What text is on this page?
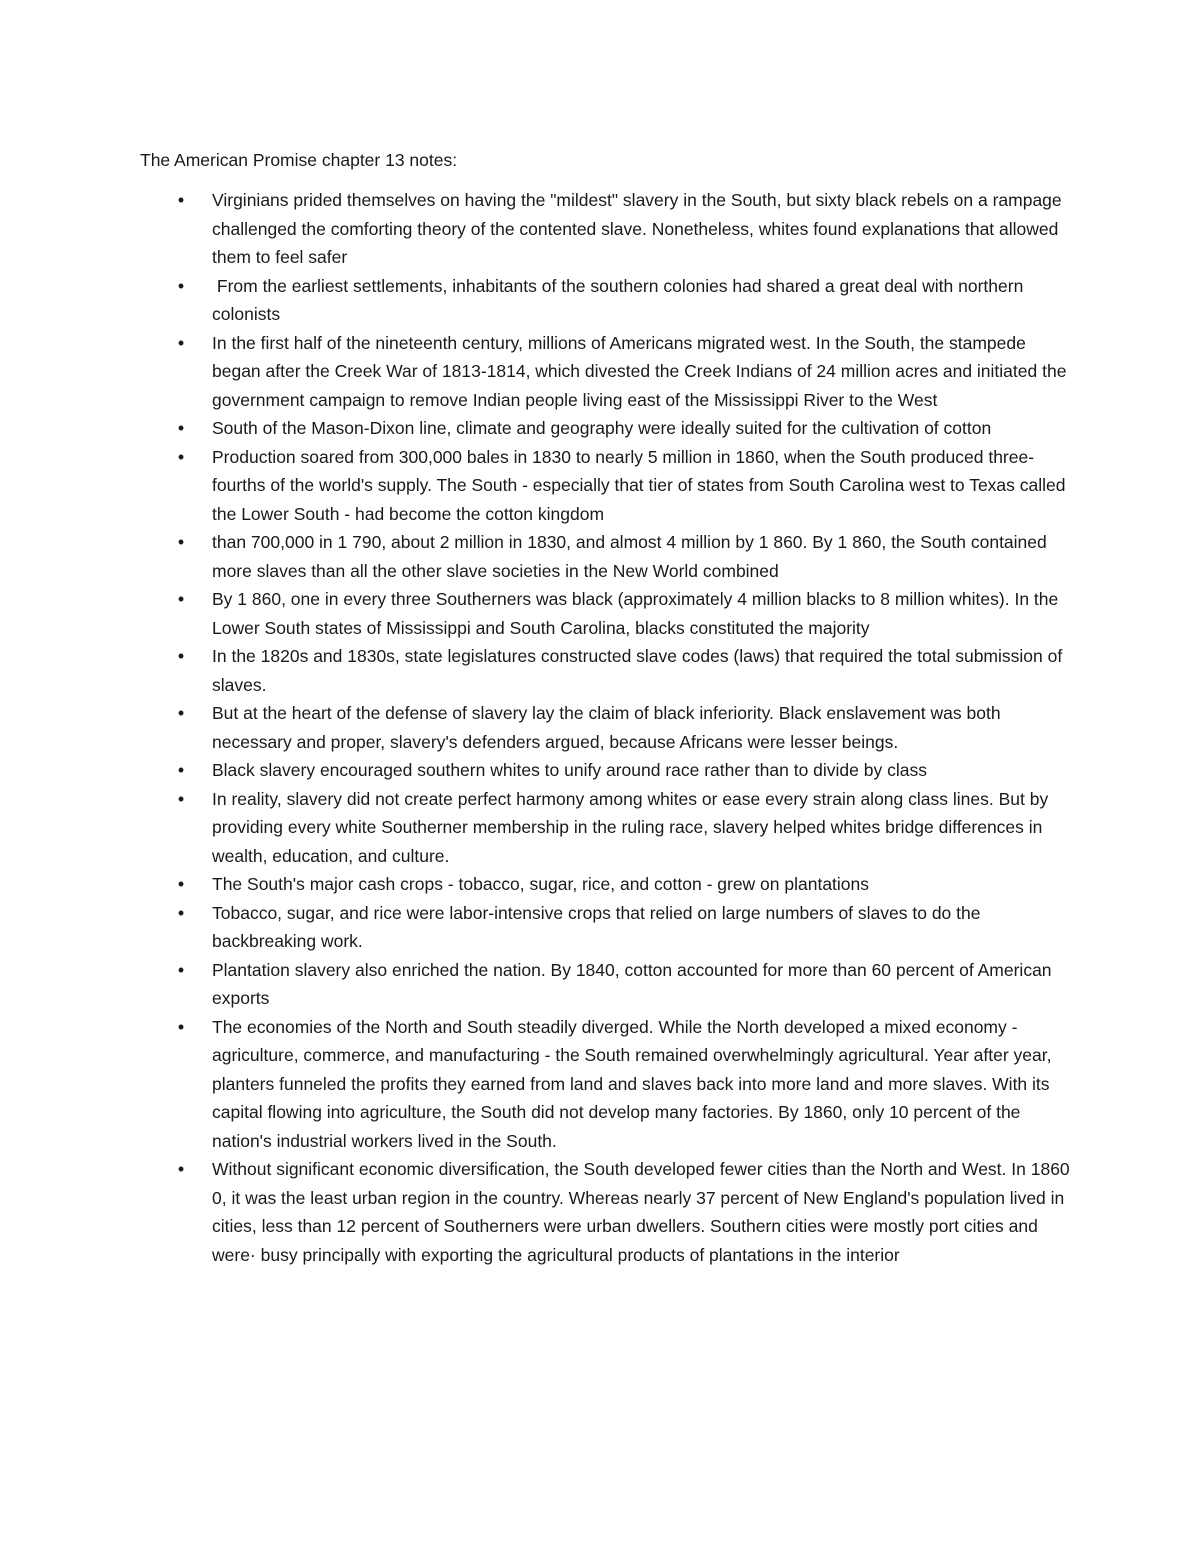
The American Promise chapter 13 notes:

• Virginians prided themselves on having the "mildest" slavery in the South, but sixty black rebels on a rampage challenged the comforting theory of the contented slave. Nonetheless, whites found explanations that allowed them to feel safer
• From the earliest settlements, inhabitants of the southern colonies had shared a great deal with northern colonists
• In the first half of the nineteenth century, millions of Americans migrated west. In the South, the stampede began after the Creek War of 1813-1814, which divested the Creek Indians of 24 million acres and initiated the government campaign to remove Indian people living east of the Mississippi River to the West
• South of the Mason-Dixon line, climate and geography were ideally suited for the cultivation of cotton
• Production soared from 300,000 bales in 1830 to nearly 5 million in 1860, when the South produced three-fourths of the world's supply. The South - especially that tier of states from South Carolina west to Texas called the Lower South - had become the cotton kingdom
• than 700,000 in 1 790, about 2 million in 1830, and almost 4 million by 1 860. By 1 860, the South contained more slaves than all the other slave societies in the New World combined
• By 1 860, one in every three Southerners was black (approximately 4 million blacks to 8 million whites). In the Lower South states of Mississippi and South Carolina, blacks constituted the majority
• In the 1820s and 1830s, state legislatures constructed slave codes (laws) that required the total submission of slaves.
• But at the heart of the defense of slavery lay the claim of black inferiority. Black enslavement was both necessary and proper, slavery's defenders argued, because Africans were lesser beings.
• Black slavery encouraged southern whites to unify around race rather than to divide by class
• In reality, slavery did not create perfect harmony among whites or ease every strain along class lines. But by providing every white Southerner membership in the ruling race, slavery helped whites bridge differences in wealth, education, and culture.
• The South's major cash crops - tobacco, sugar, rice, and cotton - grew on plantations
• Tobacco, sugar, and rice were labor-intensive crops that relied on large numbers of slaves to do the backbreaking work.
• Plantation slavery also enriched the nation. By 1840, cotton accounted for more than 60 percent of American exports
• The economies of the North and South steadily diverged. While the North developed a mixed economy - agriculture, commerce, and manufacturing - the South remained overwhelmingly agricultural. Year after year, planters funneled the profits they earned from land and slaves back into more land and more slaves. With its capital flowing into agriculture, the South did not develop many factories. By 1860, only 10 percent of the nation's industrial workers lived in the South.
• Without significant economic diversification, the South developed fewer cities than the North and West. In 1860 0, it was the least urban region in the country. Whereas nearly 37 percent of New England's population lived in cities, less than 12 percent of Southerners were urban dwellers. Southern cities were mostly port cities and were· busy principally with exporting the agricultural products of plantations in the interior
